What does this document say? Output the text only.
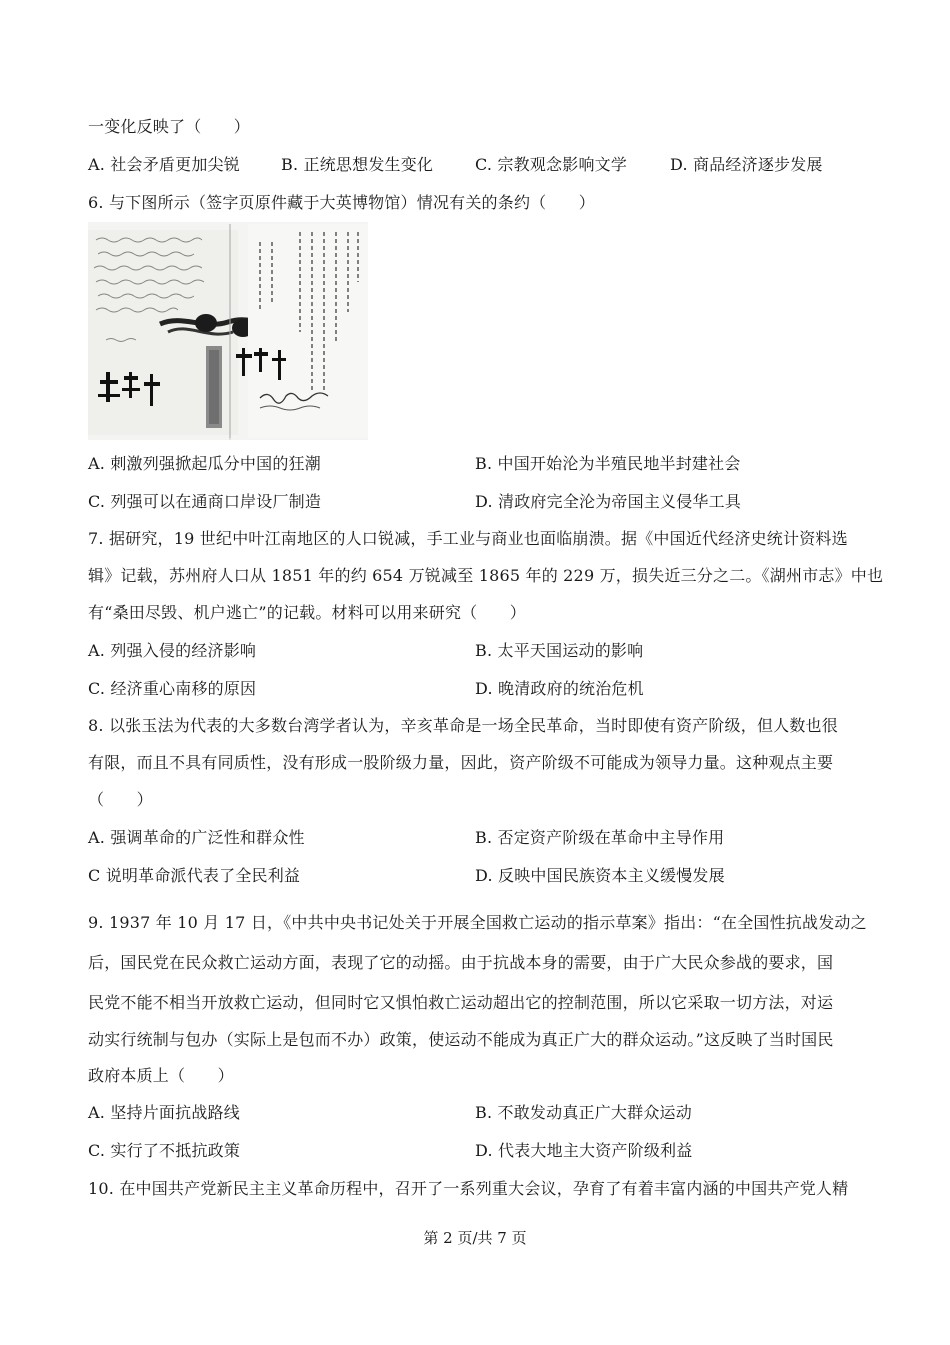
一变化反映了（　　）
A. 社会矛盾更加尖锐	B. 正统思想发生变化	C. 宗教观念影响文学	D. 商品经济逐步发展
6. 与下图所示（签字页原件藏于大英博物馆）情况有关的条约（　　）
A. 刺激列强掀起瓜分中国的狂潮	B. 中国开始沦为半殖民地半封建社会
C. 列强可以在通商口岸设厂制造	D. 清政府完全沦为帝国主义侵华工具
7. 据研究，19 世纪中叶江南地区的人口锐减，手工业与商业也面临崩溃。据《中国近代经济史统计资料选
辑》记载，苏州府人口从 1851 年的约 654 万锐减至 1865 年的 229 万，损失近三分之二。《湖州市志》中也
有“桑田尽毁、机户逃亡”的记载。材料可以用来研究（　　）
A. 列强入侵的经济影响	B. 太平天国运动的影响
C. 经济重心南移的原因	D. 晚清政府的统治危机
8. 以张玉法为代表的大多数台湾学者认为，辛亥革命是一场全民革命，当时即使有资产阶级，但人数也很
有限，而且不具有同质性，没有形成一股阶级力量，因此，资产阶级不可能成为领导力量。这种观点主要
（　　）
A. 强调革命的广泛性和群众性	B. 否定资产阶级在革命中主导作用
C 说明革命派代表了全民利益	D. 反映中国民族资本主义缓慢发展
9. 1937 年 10 月 17 日，《中共中央书记处关于开展全国救亡运动的指示草案》指出：“在全国性抗战发动之
后，国民党在民众救亡运动方面，表现了它的动摇。由于抗战本身的需要，由于广大民众参战的要求，国
民党不能不相当开放救亡运动，但同时它又惧怕救亡运动超出它的控制范围，所以它采取一切方法，对运
动实行统制与包办（实际上是包而不办）政策，使运动不能成为真正广大的群众运动。”这反映了当时国民
政府本质上（　　）
A. 坚持片面抗战路线	B. 不敢发动真正广大群众运动
C. 实行了不抵抗政策	D. 代表大地主大资产阶级利益
10. 在中国共产党新民主主义革命历程中，召开了一系列重大会议，孕育了有着丰富内涵的中国共产党人精
第 2 页/共 7 页
